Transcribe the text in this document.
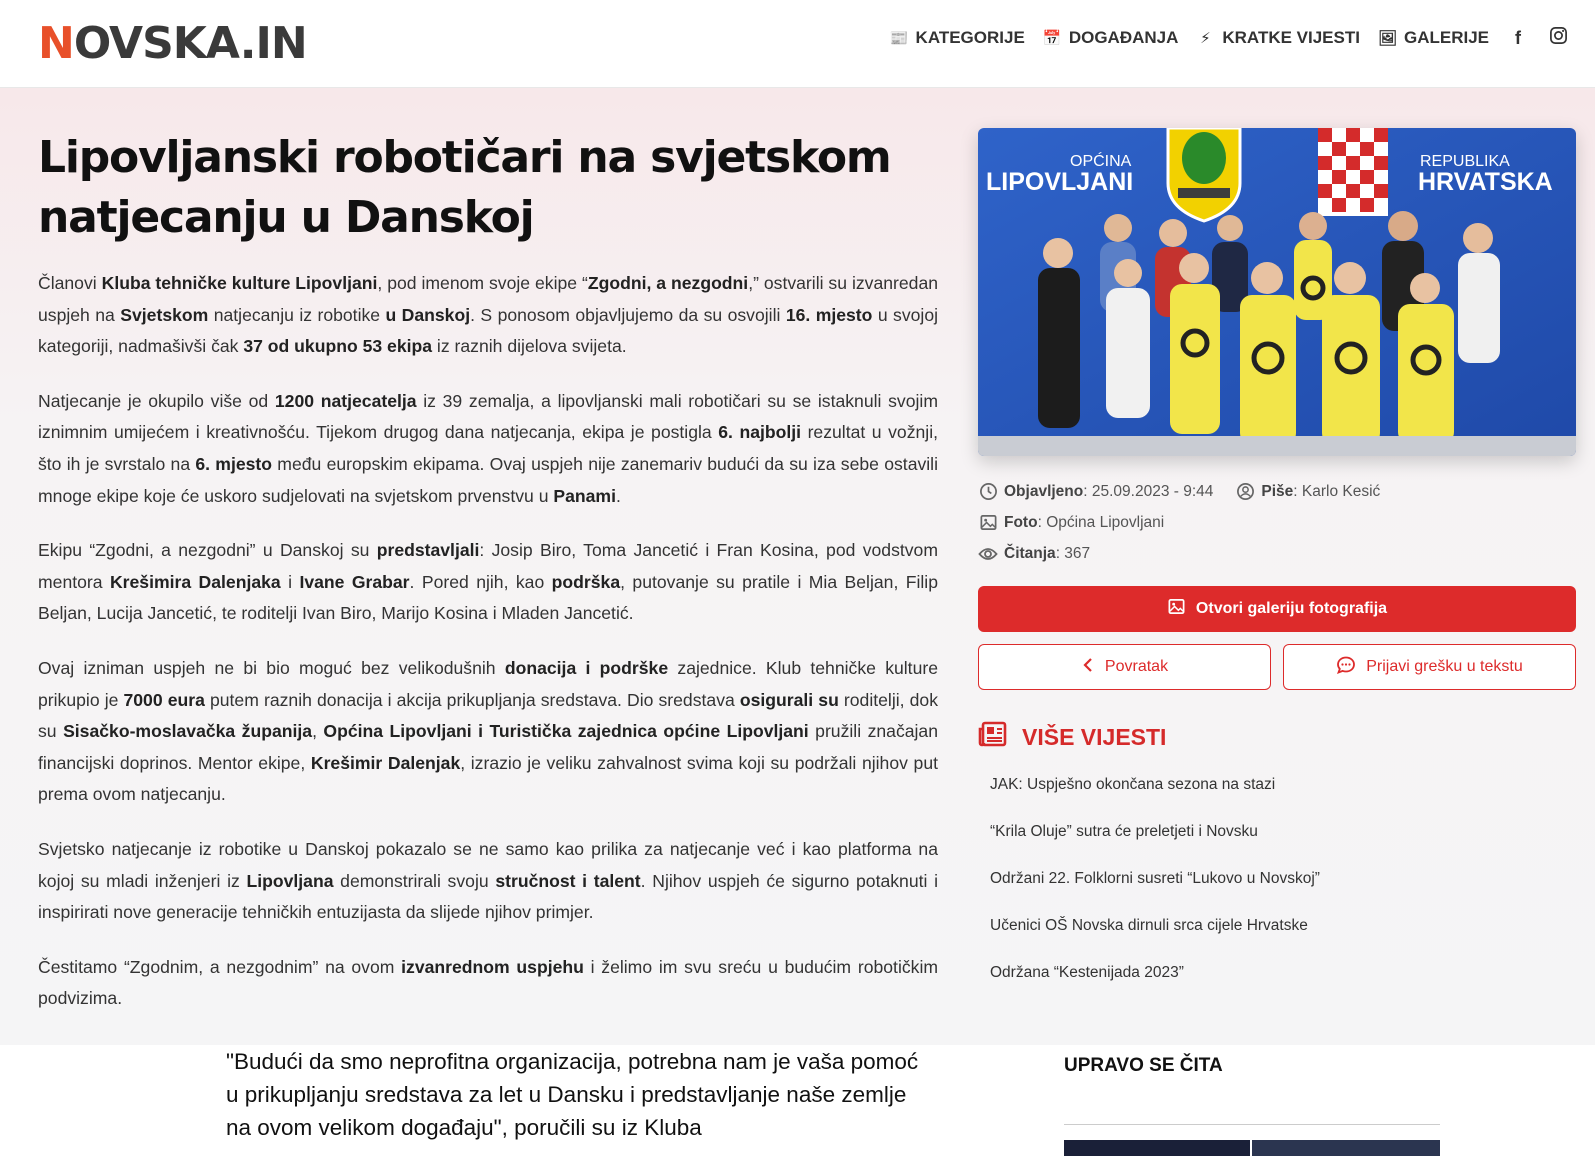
N OVSKA.IN	📰 KATEGORIJE 📅 DOGAĐANJA ⚡ KRATKE VIJESTI 🖼 GALERIJE	f
Lipovljanski robotičari na svjetskom natjecanju u Danskoj

Članovi Kluba tehničke kulture Lipovljani, pod imenom svoje ekipe “Zgodni, a nezgodni,” ostvarili su izvanredan uspjeh na Svjetskom natjecanju iz robotike u Danskoj. S ponosom objavljujemo da su osvojili 16. mjesto u svojoj kategoriji, nadmašivši čak 37 od ukupno 53 ekipa iz raznih dijelova svijeta.

Natjecanje je okupilo više od 1200 natjecatelja iz 39 zemalja, a lipovljanski mali robotičari su se istaknuli svojim iznimnim umijećem i kreativnošću. Tijekom drugog dana natjecanja, ekipa je postigla 6. najbolji rezultat u vožnji, što ih je svrstalo na 6. mjesto među europskim ekipama. Ovaj uspjeh nije zanemariv budući da su iza sebe ostavili mnoge ekipe koje će uskoro sudjelovati na svjetskom prvenstvu u Panami.

Ekipu “Zgodni, a nezgodni” u Danskoj su predstavljali: Josip Biro, Toma Jancetić i Fran Kosina, pod vodstvom mentora Krešimira Dalenjaka i Ivane Grabar. Pored njih, kao podrška, putovanje su pratile i Mia Beljan, Filip Beljan, Lucija Jancetić, te roditelji Ivan Biro, Marijo Kosina i Mladen Jancetić.

Ovaj izniman uspjeh ne bi bio moguć bez velikodušnih donacija i podrške zajednice. Klub tehničke kulture prikupio je 7000 eura putem raznih donacija i akcija prikupljanja sredstava. Dio sredstava osigurali su roditelji, dok su Sisačko-moslavačka županija, Općina Lipovljani i Turistička zajednica općine Lipovljani pružili značajan financijski doprinos. Mentor ekipe, Krešimir Dalenjak, izrazio je veliku zahvalnost svima koji su podržali njihov put prema ovom natjecanju.

Svjetsko natjecanje iz robotike u Danskoj pokazalo se ne samo kao prilika za natjecanje već i kao platforma na kojoj su mladi inženjeri iz Lipovljana demonstrirali svoju stručnost i talent. Njihov uspjeh će sigurno potaknuti i inspirirati nove generacije tehničkih entuzijasta da slijede njihov primjer.

Čestitamo “Zgodnim, a nezgodnim” na ovom izvanrednom uspjehu i želimo im svu sreću u budućim robotičkim podvizima.

OPĆINA
LIPOVLJANI
REPUBLIKA
HRVATSKA
Objavljeno: 25.09.2023 - 9:44	Piše: Karlo Kesić
Foto: Općina Lipovljani
Čitanja: 367
Otvori galeriju fotografija
Povratak	Prijavi grešku u tekstu
VIŠE VIJESTI
JAK: Uspješno okončana sezona na stazi
“Krila Oluje” sutra će preletjeti i Novsku
Održani 22. Folklorni susreti “Lukovo u Novskoj”
Učenici OŠ Novska dirnuli srca cijele Hrvatske
Održana “Kestenijada 2023”
"Budući da smo neprofitna organizacija, potrebna nam je vaša pomoć u prikupljanju sredstava za let u Dansku i predstavljanje naše zemlje na ovom velikom događaju", poručili su iz Kluba
UPRAVO SE ČITA
